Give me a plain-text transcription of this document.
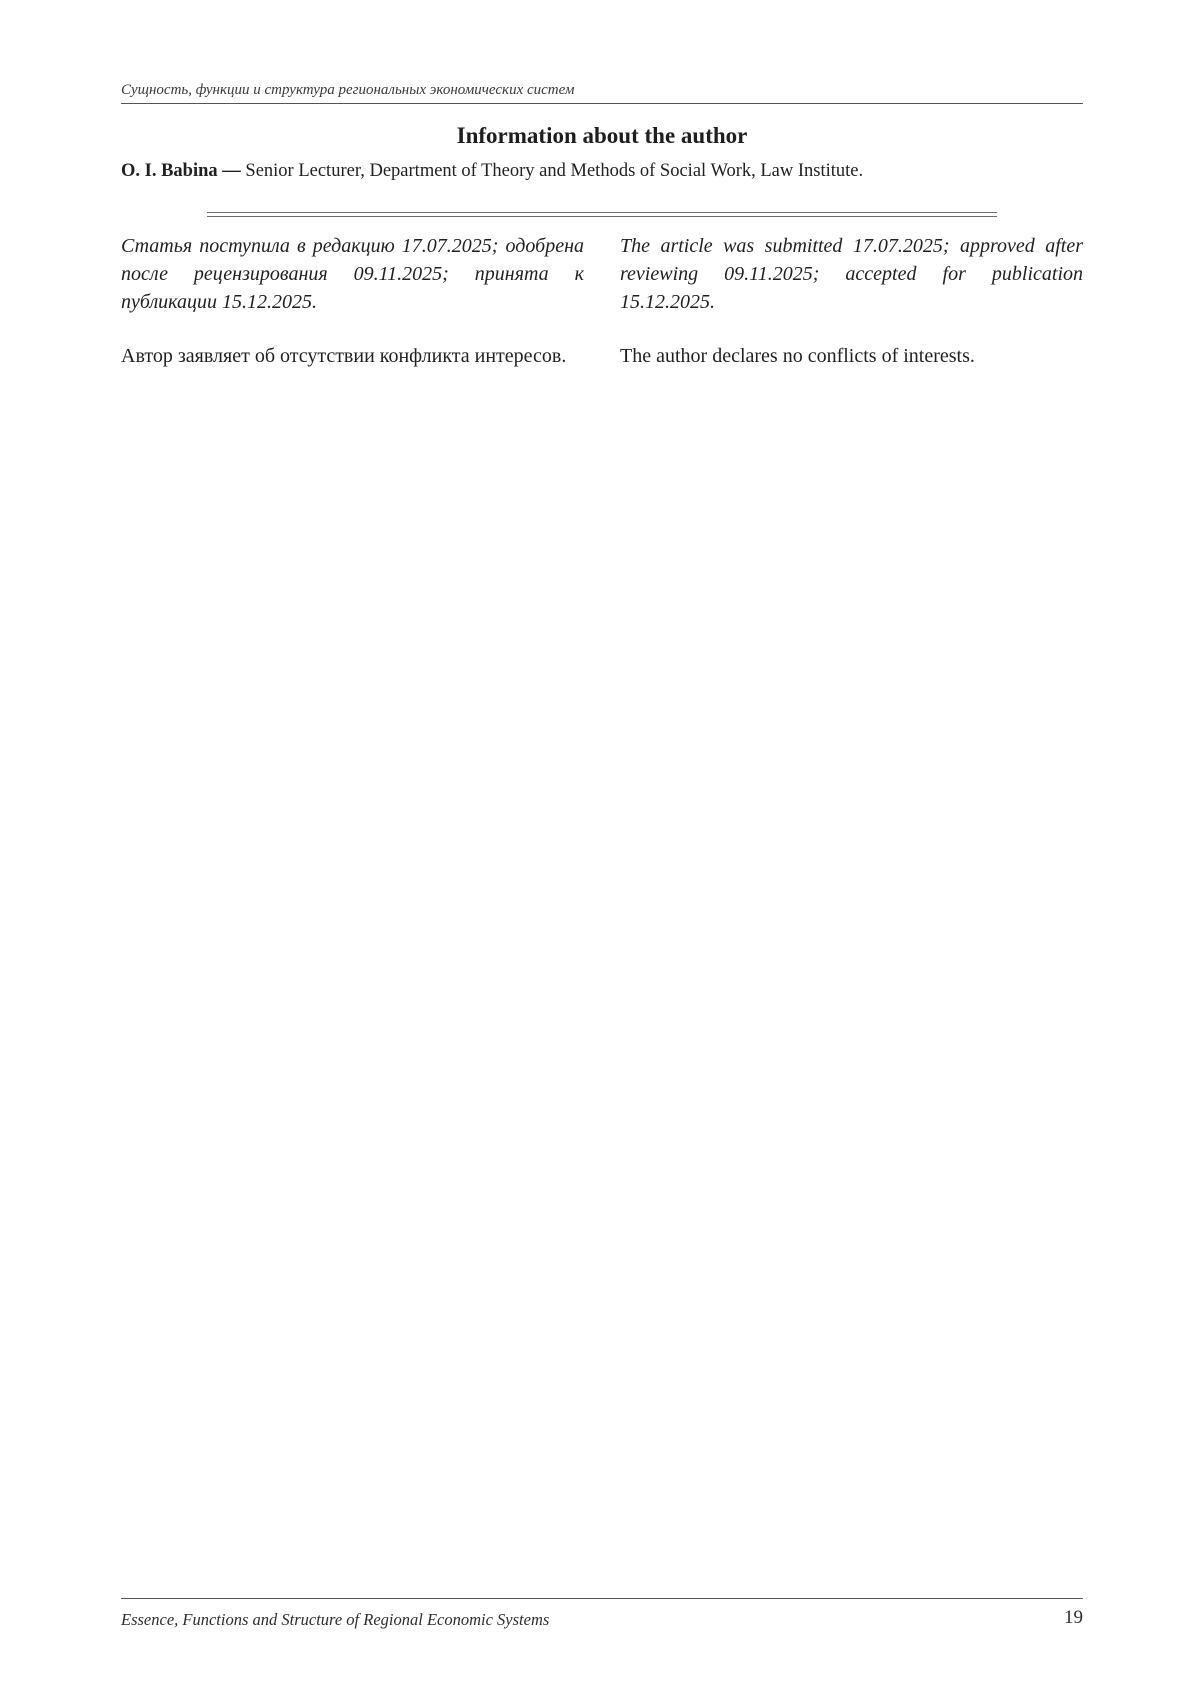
Сущность, функции и структура региональных экономических систем
Information about the author
O. I. Babina — Senior Lecturer, Department of Theory and Methods of Social Work, Law Institute.

Статья поступила в редакцию 17.07.2025; одобрена после рецензирования 09.11.2025; принята к публикации 15.12.2025.

Автор заявляет об отсутствии конфликта интересов.

The article was submitted 17.07.2025; approved after reviewing 09.11.2025; accepted for publication 15.12.2025.

The author declares no conflicts of interests.

Essence, Functions and Structure of Regional Economic Systems	19
